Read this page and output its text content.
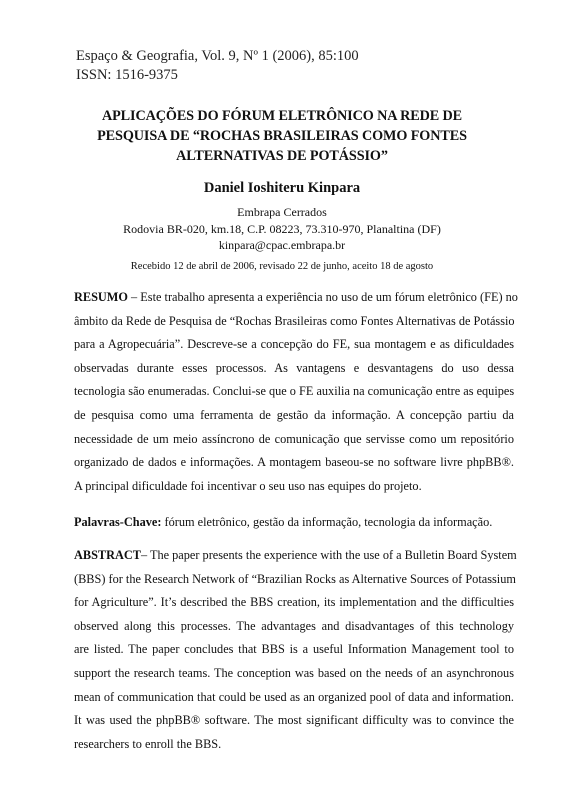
Espaço & Geografia, Vol. 9, Nº 1 (2006), 85:100
ISSN: 1516-9375
APLICAÇÕES DO FÓRUM ELETRÔNICO NA REDE DE
PESQUISA DE “ROCHAS BRASILEIRAS COMO FONTES
ALTERNATIVAS DE POTÁSSIO”
Daniel Ioshiteru Kinpara
Embrapa Cerrados
Rodovia BR-020, km.18, C.P. 08223, 73.310-970, Planaltina (DF)
kinpara@cpac.embrapa.br
Recebido 12 de abril de 2006, revisado 22 de junho, aceito 18 de agosto
RESUMO – Este trabalho apresenta a experiência no uso de um fórum eletrônico (FE) no
âmbito da Rede de Pesquisa de “Rochas Brasileiras como Fontes Alternativas de Potássio
para a Agropecuária”. Descreve-se a concepção do FE, sua montagem e as dificuldades
observadas durante esses processos. As vantagens e desvantagens do uso dessa
tecnologia são enumeradas. Conclui-se que o FE auxilia na comunicação entre as equipes
de pesquisa como uma ferramenta de gestão da informação. A concepção partiu da
necessidade de um meio assíncrono de comunicação que servisse como um repositório
organizado de dados e informações. A montagem baseou-se no software livre phpBB®.
A principal dificuldade foi incentivar o seu uso nas equipes do projeto.
Palavras-Chave: fórum eletrônico, gestão da informação, tecnologia da informação.
ABSTRACT– The paper presents the experience with the use of a Bulletin Board System
(BBS) for the Research Network of “Brazilian Rocks as Alternative Sources of Potassium
for Agriculture”. It’s described the BBS creation, its implementation and the difficulties
observed along this processes. The advantages and disadvantages of this technology
are listed. The paper concludes that BBS is a useful Information Management tool to
support the research teams. The conception was based on the needs of an asynchronous
mean of communication that could be used as an organized pool of data and information.
It was used the phpBB® software. The most significant difficulty was to convince the
researchers to enroll the BBS.
